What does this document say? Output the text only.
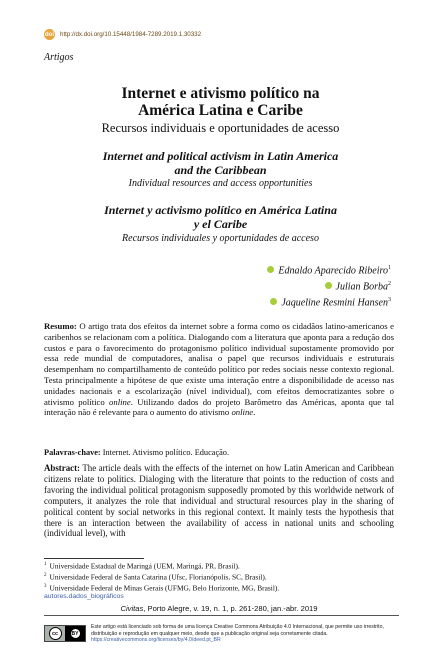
doi http://dx.doi.org/10.15448/1984-7289.2019.1.30332
Artigos
Internet e ativismo político na
América Latina e Caribe
Recursos individuais e oportunidades de acesso
Internet and political activism in Latin America
and the Caribbean
Individual resources and access opportunities
Internet y activismo político en América Latina
y el Caribe
Recursos individuales y oportunidades de acceso
Ednaldo Aparecido Ribeiro$^1$
Julian Borba$^2$
Jaqueline Resmini Hansen$^3$
Resumo: O artigo trata dos efeitos da internet sobre a forma como os cidadãos latino-americanos e caribenhos se relacionam com a política. Dialogando com a literatura que aponta para a redução dos custos e para o favorecimento do protagonismo político individual supostamente promovido por essa rede mundial de computadores, analisa o papel que recursos individuais e estruturais desempenham no compartilhamento de conteúdo político por redes sociais nesse contexto regional. Testa principalmente a hipótese de que existe uma interação entre a disponibilidade de acesso nas unidades nacionais e a escolarização (nível individual), com efeitos democratizantes sobre o ativismo político online. Utilizando dados do projeto Barômetro das Américas, aponta que tal interação não é relevante para o aumento do ativismo online.
Palavras-chave: Internet. Ativismo político. Educação.
Abstract: The article deals with the effects of the internet on how Latin American and Caribbean citizens relate to politics. Dialoging with the literature that points to the reduction of costs and favoring the individual political protagonism supposedly promoted by this worldwide network of computers, it analyzes the role that individual and structural resources play in the sharing of political content by social networks in this regional context. It mainly tests the hypothesis that there is an interaction between the availability of access in national units and schooling (individual level), with
$^1$ Universidade Estadual de Maringá (UEM, Maringá, PR, Brasil).
$^2$ Universidade Federal de Santa Catarina (Ufsc, Florianópolis, SC, Brasil).
$^3$ Universidade Federal de Minas Gerais (UFMG, Belo Horizonte, MG, Brasil).
autores.dados_biográficos
Civitas, Porto Alegre, v. 19, n. 1, p. 261-280, jan.-abr. 2019
cc	BY
Este artigo está licenciado sob forma de uma licença Creative Commons Atribuição 4.0 Internacional, que permite uso irrestrito, distribuição e reprodução em qualquer meio, desde que a publicação original seja corretamente citada. https://creativecommons.org/licenses/by/4.0/deed.pt_BR
